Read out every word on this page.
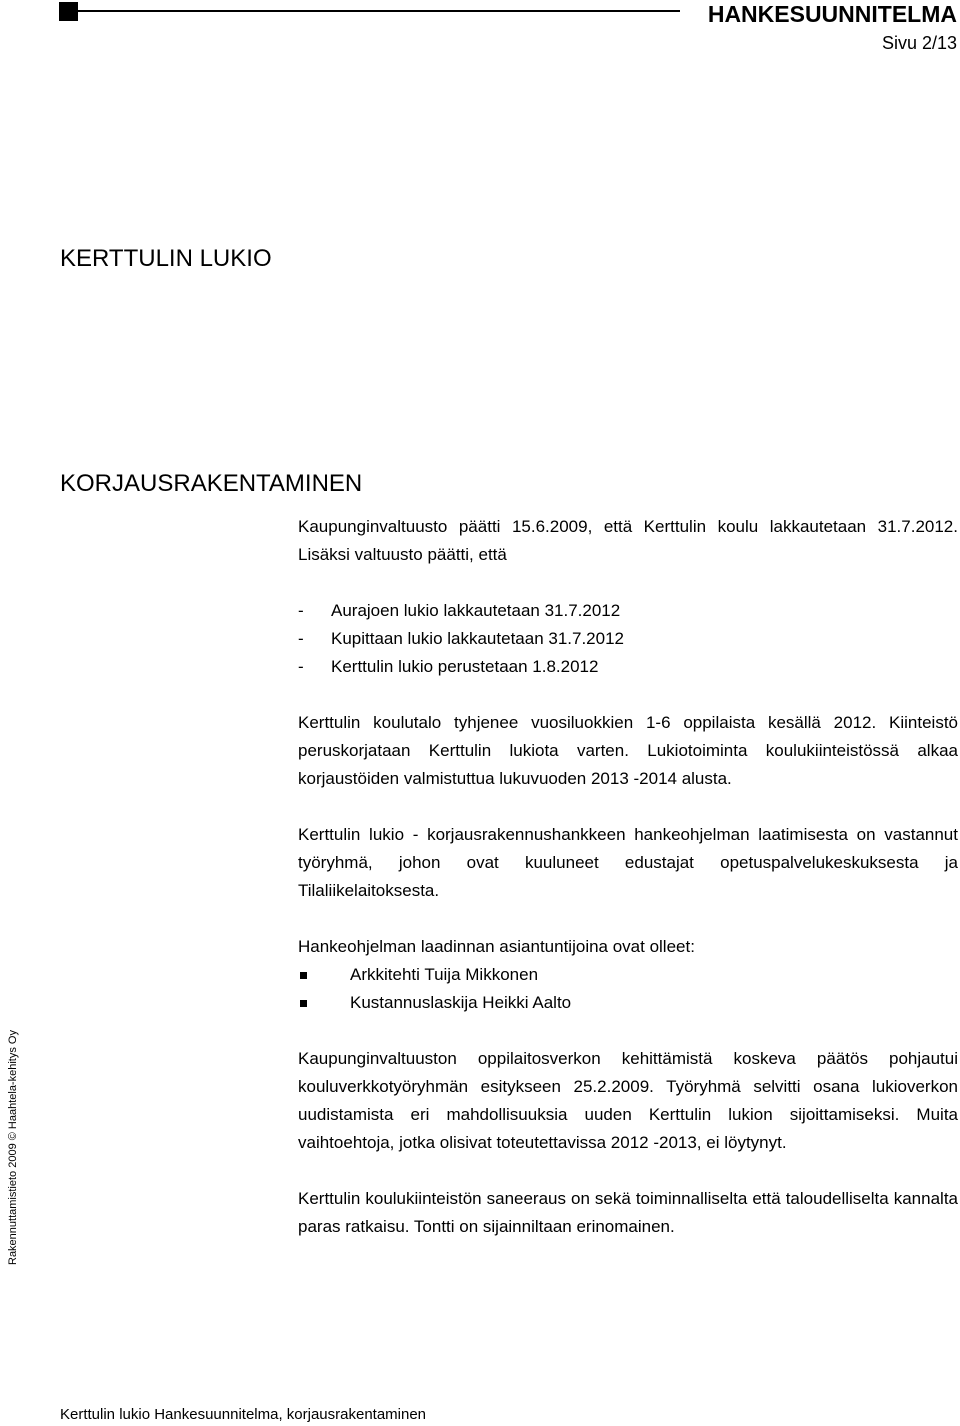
HANKESUUNNITELMA
Sivu 2/13
KERTTULIN LUKIO
KORJAUSRAKENTAMINEN

Kaupunginvaltuusto päätti 15.6.2009, että Kerttulin koulu lakkautetaan 31.7.2012. Lisäksi valtuusto päätti, että

-	Aurajoen lukio lakkautetaan 31.7.2012
-	Kupittaan lukio lakkautetaan 31.7.2012
-	Kerttulin lukio perustetaan 1.8.2012

Kerttulin koulutalo tyhjenee vuosiluokkien 1-6 oppilaista kesällä 2012. Kiinteistö peruskorjataan Kerttulin lukiota varten. Lukiotoiminta koulukiinteistössä alkaa korjaustöiden valmistuttua lukuvuoden 2013 -2014 alusta.

Kerttulin lukio - korjausrakennushankkeen hankeohjelman laatimisesta on vastannut työryhmä, johon ovat kuuluneet edustajat opetuspalvelukeskuksesta ja Tilaliikelaitoksesta.

Hankeohjelman laadinnan asiantuntijoina ovat olleet:

Arkkitehti Tuija Mikkonen
Kustannuslaskija Heikki Aalto

Kaupunginvaltuuston oppilaitosverkon kehittämistä koskeva päätös pohjautui kouluverkkotyöryhmän esitykseen 25.2.2009. Työryhmä selvitti osana lukioverkon uudistamista eri mahdollisuuksia uuden Kerttulin lukion sijoittamiseksi. Muita vaihtoehtoja, jotka olisivat toteutettavissa 2012 -2013, ei löytynyt.

Kerttulin koulukiinteistön saneeraus on sekä toiminnalliselta että taloudelliselta kannalta paras ratkaisu. Tontti on sijainniltaan erinomainen.

Rakennuttamistieto 2009 © Haahtela-kehitys Oy
Kerttulin lukio Hankesuunnitelma, korjausrakentaminen
